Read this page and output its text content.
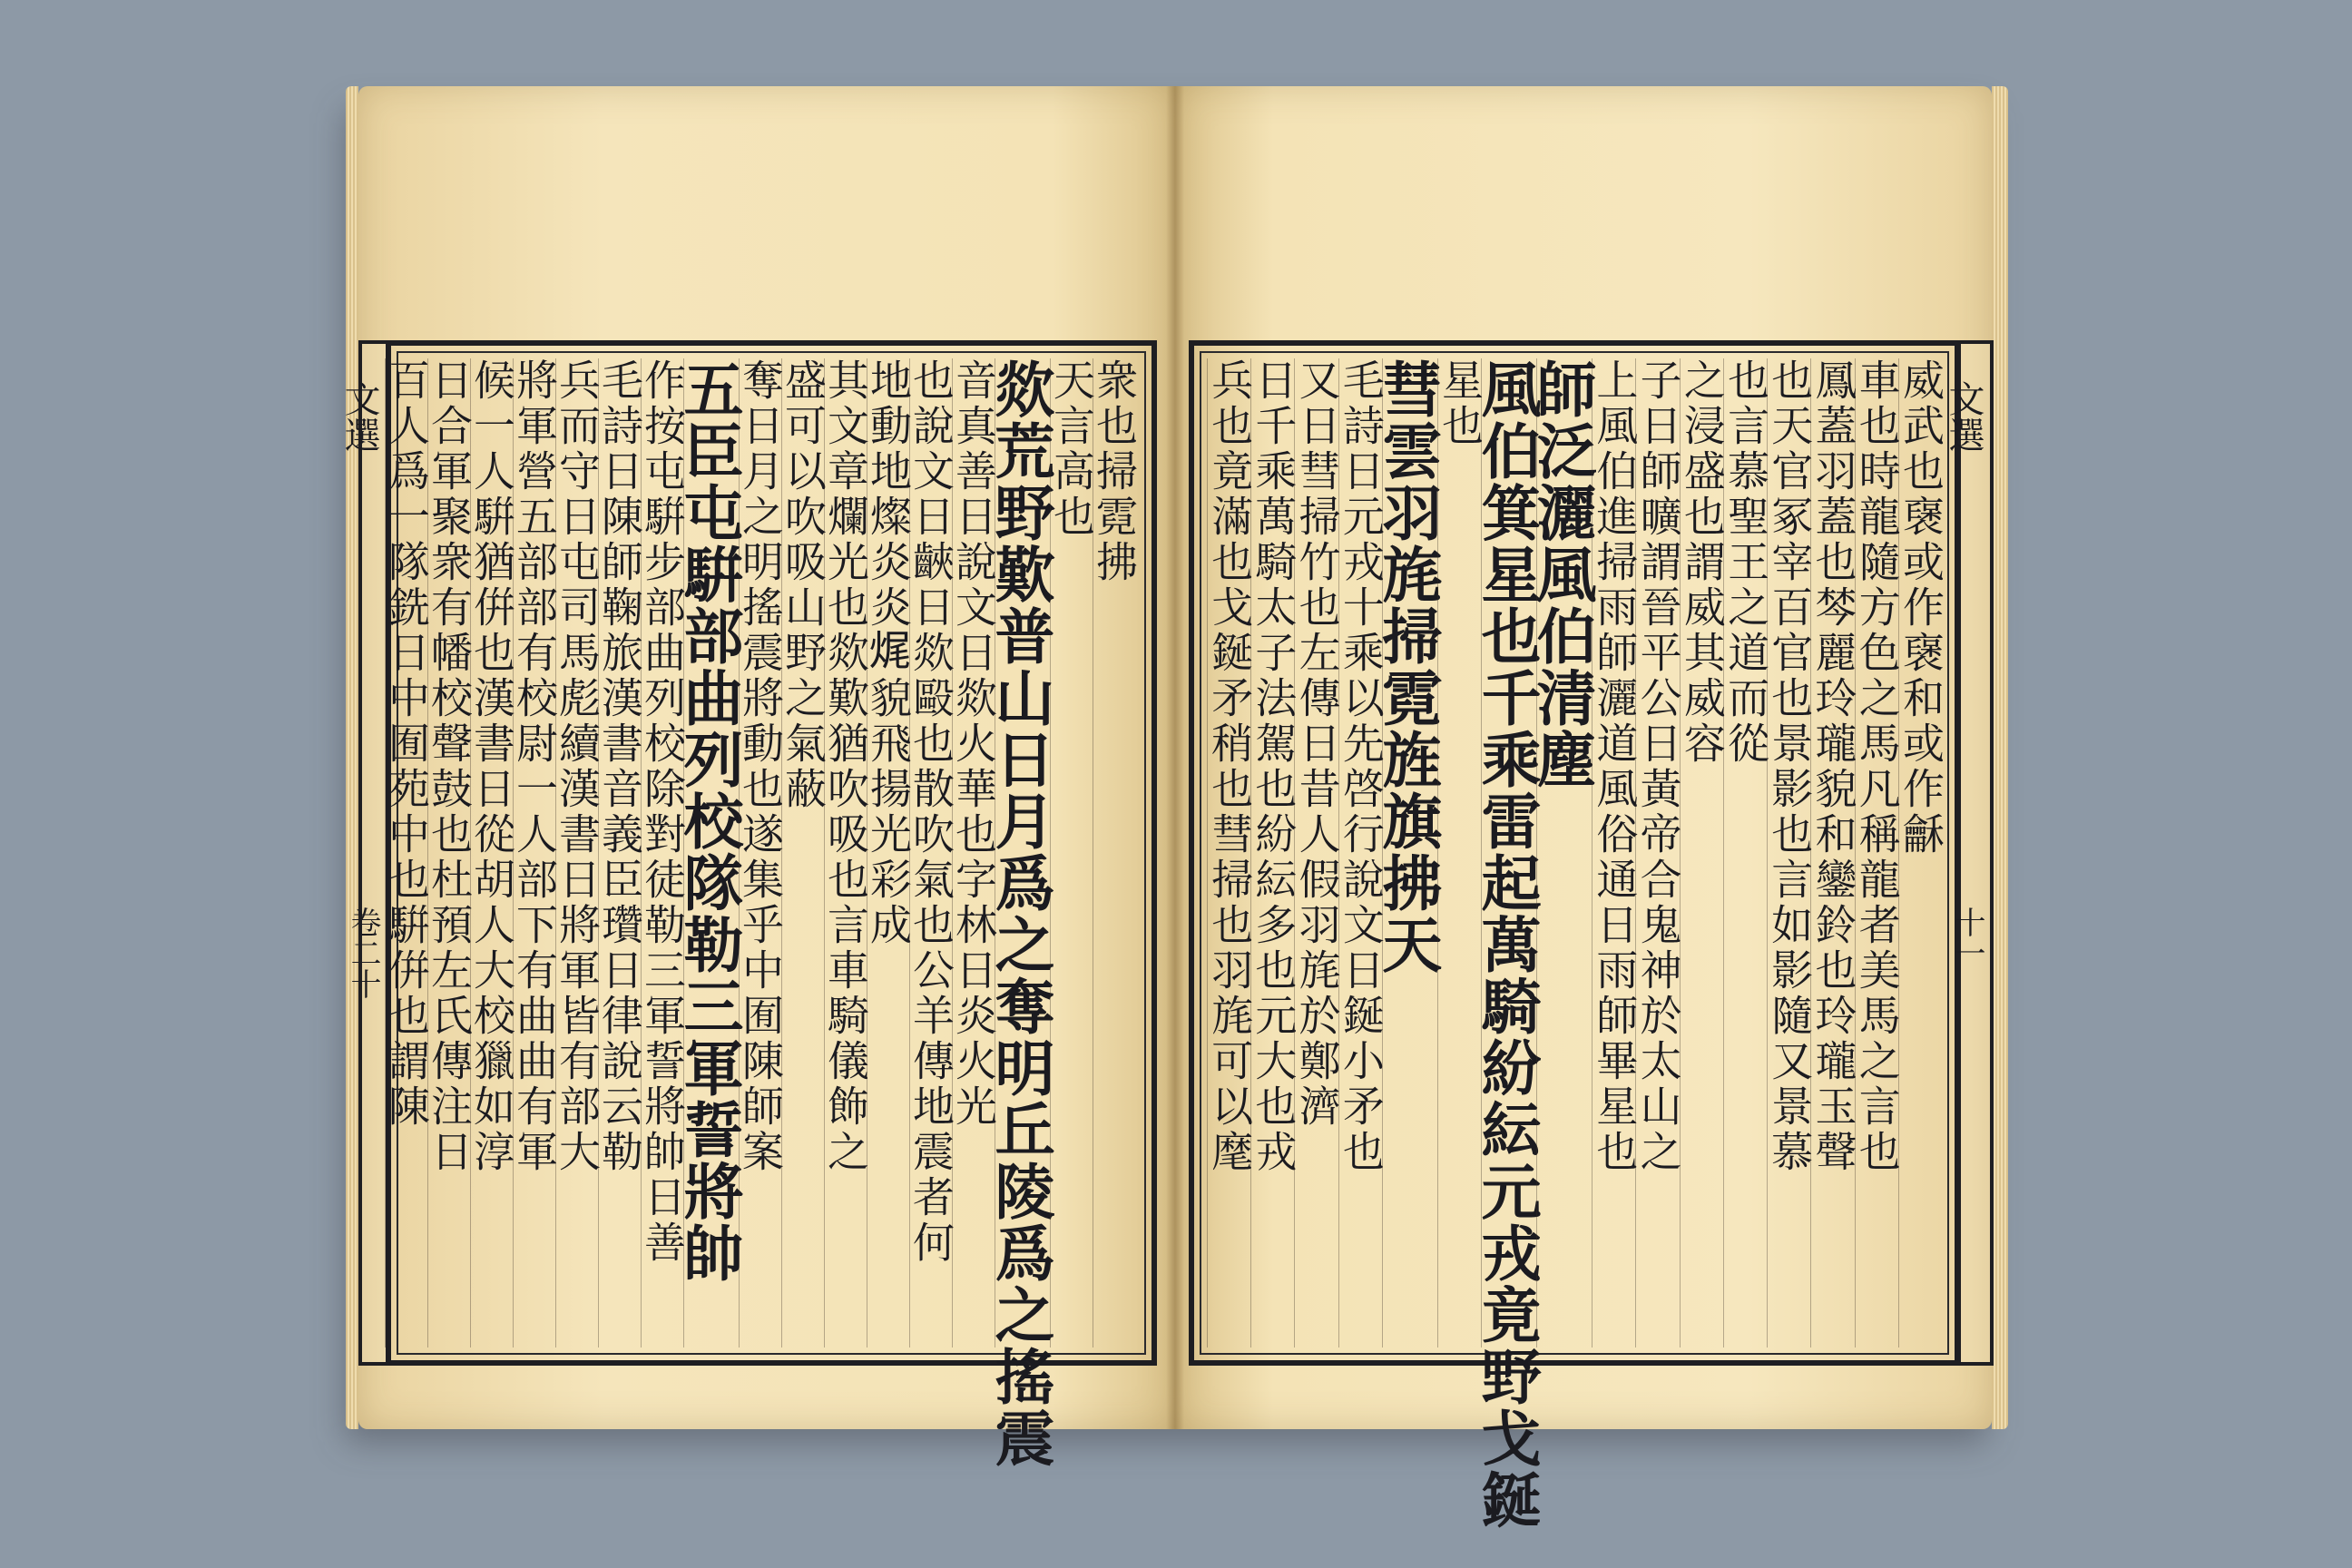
文選
卷二十
衆也掃霓拂
天言高也
欻荒野歎普山日月爲之奪明丘陵爲之搖震
音真善日說文日欻火華也字林日炎火光
也說文日䶝日欻毆也散吹氣也公羊傳地震者何
地動地燦炎炎𤈦貌飛揚光彩成
其文章爛光也欻歎猶吹吸也言車騎儀飾之
盛可以吹吸山野之氣蔽
奪日月之明搖震將動也遂集乎中囿陳師案
五臣屯騈部曲列校隊勒三軍誓將帥
作按屯騈步部曲列校除對徒勒三軍誓將帥日善
毛詩日陳師鞠旅漢書音義臣瓚日律說云勒
兵而守日屯司馬彪續漢書日將軍皆有部大
將軍營五部部有校尉一人部下有曲曲有軍
候一人騈猶倂也漢書日從胡人大校獵如淳
日合軍聚衆有幡校聲鼓也杜預左氏傳注日
百人爲一隊銑日中囿苑中也騈倂也謂陳	威武也襃或作襃和或作龢
車也時龍隨方色之馬凡稱龍者美馬之言也
鳳蓋羽蓋也棽麗玲瓏貌和鑾鈴也玲瓏玉聲
也天官冢宰百官也景影也言如影隨又景慕
也言慕聖王之道而從
之浸盛也謂威其威容
子日師曠謂晉平公日黃帝合鬼神於太山之
上風伯進掃雨師灑道風俗通日雨師畢星也
師泛灑風伯清塵
風伯箕星也千乘雷起萬騎紛紜元戎竟野戈鋋
星也
彗雲羽旄掃霓旌旗拂天
毛詩日元戎十乘以先啓行說文日鋋小矛也
又日彗掃竹也左傳日昔人假羽旄於鄭濟
日千乘萬騎太子法駕也紛紜多也元大也戎
兵也竟滿也戈鋋矛稍也彗掃也羽旄可以麾	文選
十一
